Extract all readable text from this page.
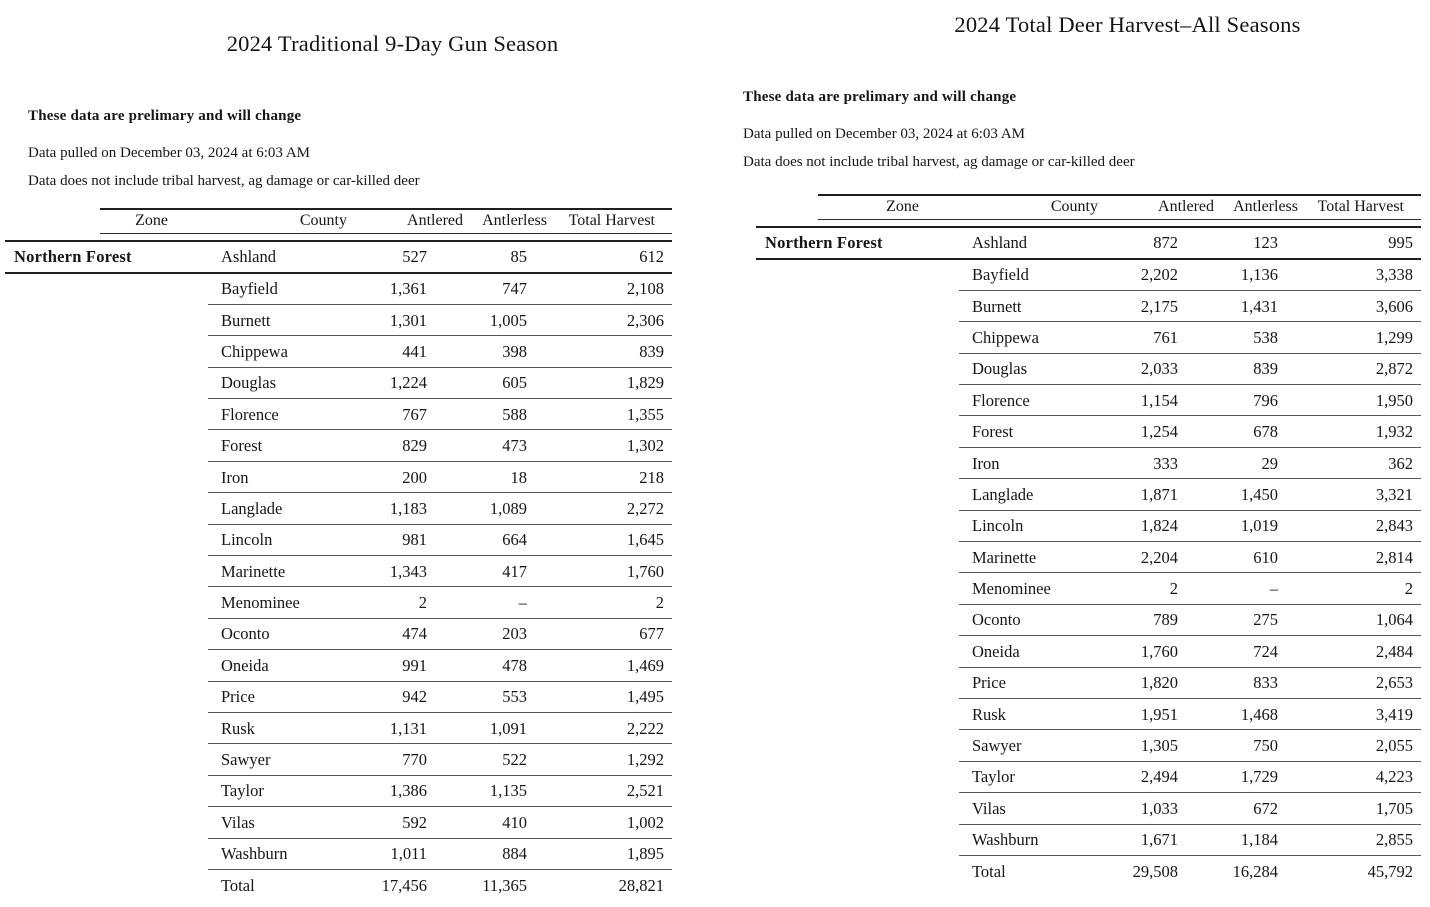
2024 Traditional 9-Day Gun Season

These data are prelimary and will change

Data pulled on December 03, 2024 at 6:03 AM

Data does not include tribal harvest, ag damage or car-killed deer

Zone	County	Antlered	Antlerless	Total Harvest
Northern Forest	Ashland	527	85	612
Bayfield	1,361	747	2,108
Burnett	1,301	1,005	2,306
Chippewa	441	398	839
Douglas	1,224	605	1,829
Florence	767	588	1,355
Forest	829	473	1,302
Iron	200	18	218
Langlade	1,183	1,089	2,272
Lincoln	981	664	1,645
Marinette	1,343	417	1,760
Menominee	2	–	2
Oconto	474	203	677
Oneida	991	478	1,469
Price	942	553	1,495
Rusk	1,131	1,091	2,222
Sawyer	770	522	1,292
Taylor	1,386	1,135	2,521
Vilas	592	410	1,002
Washburn	1,011	884	1,895
Total	17,456	11,365	28,821
2024 Total Deer Harvest–All Seasons

These data are prelimary and will change

Data pulled on December 03, 2024 at 6:03 AM

Data does not include tribal harvest, ag damage or car-killed deer

Zone	County	Antlered	Antlerless	Total Harvest
Northern Forest	Ashland	872	123	995
Bayfield	2,202	1,136	3,338
Burnett	2,175	1,431	3,606
Chippewa	761	538	1,299
Douglas	2,033	839	2,872
Florence	1,154	796	1,950
Forest	1,254	678	1,932
Iron	333	29	362
Langlade	1,871	1,450	3,321
Lincoln	1,824	1,019	2,843
Marinette	2,204	610	2,814
Menominee	2	–	2
Oconto	789	275	1,064
Oneida	1,760	724	2,484
Price	1,820	833	2,653
Rusk	1,951	1,468	3,419
Sawyer	1,305	750	2,055
Taylor	2,494	1,729	4,223
Vilas	1,033	672	1,705
Washburn	1,671	1,184	2,855
Total	29,508	16,284	45,792
